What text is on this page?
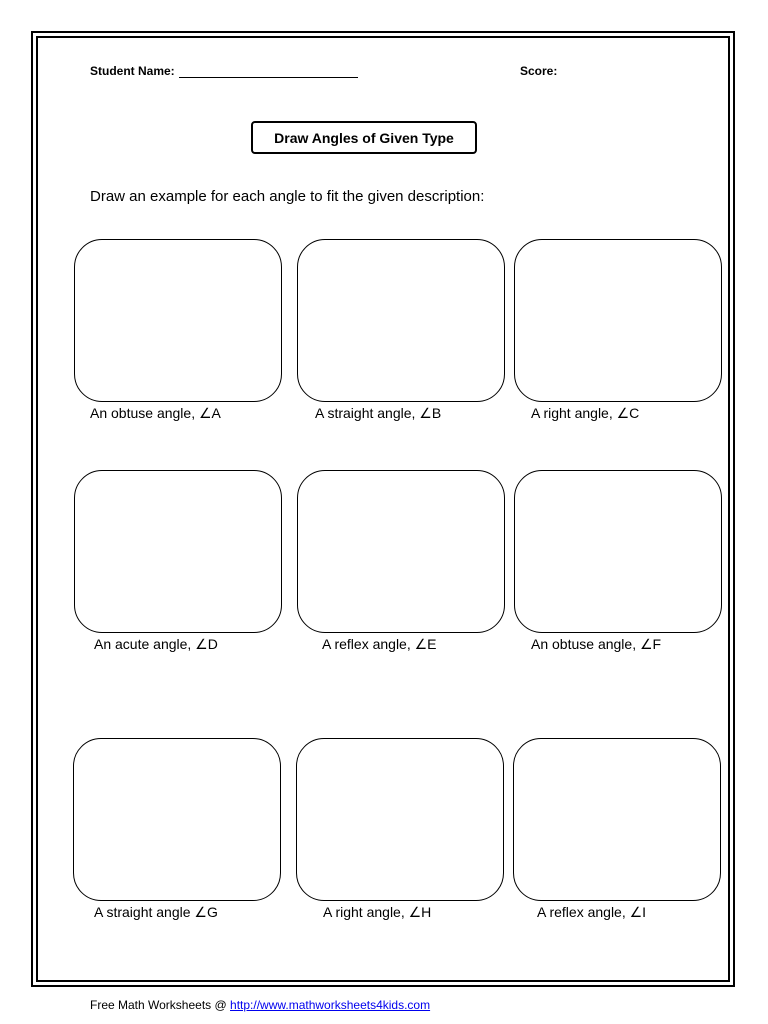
Student Name:	Score:
Draw Angles of Given Type
Draw an example for each angle to fit the given description:
An obtuse angle, ∠A	A straight angle, ∠B	A right angle, ∠C
An acute angle, ∠D	A reflex angle, ∠E	An obtuse angle, ∠F
A straight angle ∠G	A right angle, ∠H	A reflex angle, ∠I
Free Math Worksheets @ http://www.mathworksheets4kids.com
